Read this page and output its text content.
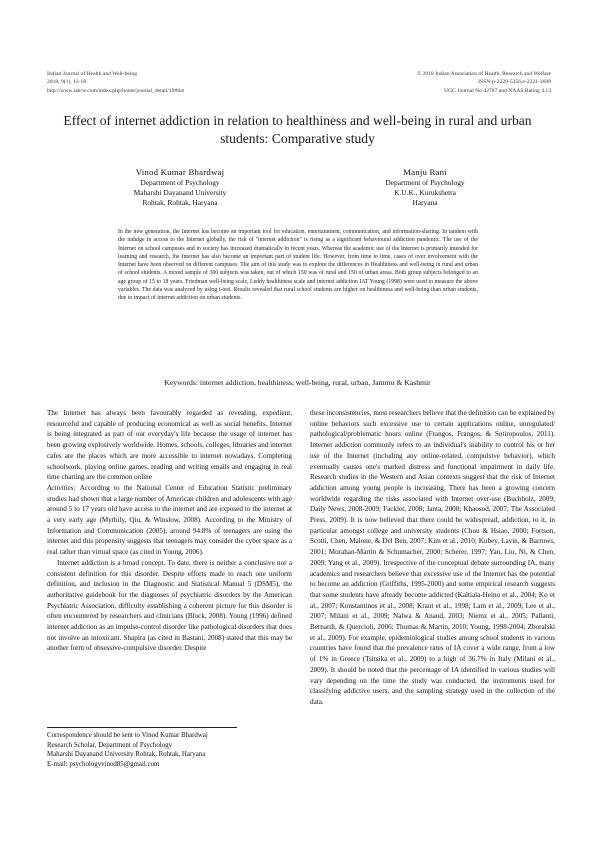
Indian Journal of Health and Well-being
2018, 9(1), 12-18
http://www.iahrw.com/index.php/home/journal_detail/19#list
© 2018 Indian Association of Health, Research and Welfare
ISSN-p-2229-5356,e-2321-3698
UGC Journal No 42787 and NAAS Rating 4.13
Effect of internet addiction in relation to healthiness and well-being in rural and urban students: Comparative study
Vinod Kumar Bhardwaj
Department of Psychology
Maharshi Dayanand University
Rohtak, Rohtak, Haryana
Manju Rani
Department of Psychology
K.U.K., Kurukshetra
Haryana
In the new generation, the Internet has become an important tool for education, entertainment, communication, and information-sharing. In tandem with the indulge in access to the Internet globally, the risk of "internet addiction" is rising as a significant behavioural addiction pandemic. The use of the Internet on school campuses and in society has increased dramatically in recent years. Whereas the academic use of the Internet is primarily intended for learning and research, the Internet has also become an important part of student life. However, from time to time, cases of over involvement with the Internet have been observed on different campuses. The aim of this study was to explore the differences in Healthiness and well-being in rural and urban of school students. A mixed sample of 300 subjects was taken, out of which 150 was of rural and 150 of urban areas. Both group subjects belonged to an age group of 15 to 18 years. Friedman well-being scale, Leddy healthiness scale and internet addiction IAT Young (1998) were used to measure the above variables. The data was analyzed by using t-test. Results revealed that rural school students are higher on healthiness and well-being than urban students, due to impact of internet addiction on urban students.
Keywords: internet addiction, healthiness, well-being, rural, urban, Jammu & Kashmir

The Internet has always been favourably regarded as revealing, expedient, resourceful and capable of producing economical as well as social benefits. Internet is being integrated as part of our everyday's life because the usage of internet has been growing explosively worldwide. Homes, schools, colleges, libraries and internet cafes are the places which are more accessible to internet nowadays. Completing schoolwork, playing online games, reading and writing emails and engaging in real time chatting are the common online

Activities: According to the National Center of Education Statistic preliminary studies had shown that a large number of American children and adolescents with age around 5 to 17 years old have access to the internet and are exposed to the internet at a very early age (Mythily, Qiu, & Winslow, 2008). According to the Ministry of Information and Communication (2005), around 94.8% of teenagers are using the internet and this propensity suggests that teenagers may consider the cyber space as a real rather than virtual space (as cited in Young, 2006).

Internet addiction is a broad concept. To date, there is neither a conclusive nor a consistent definition for this disorder. Despite efforts made to reach one uniform definition, and inclusion in the Diagnostic and Statistical Manual 5 (DSM5), the authoritative guidebook for the diagnoses of psychiatric disorders by the American Psychiatric Association, difficulty establishing a coherent picture for this disorder is often encountered by researchers and clinicians (Block, 2008). Young (1996) defined internet addiction as an impulse-control disorder like pathological disorders that does not involve an intoxicant. Shapira (as cited in Bastani, 2008) stated that this may be another form of obsessive-compulsive disorder. Despite

these inconsistencies, most researchers believe that the definition can be explained by online behaviors such excessive use to certain applications online, unregulated/ pathological/problematic hours online (Frangos, Frangos, & Sotiropoulos, 2011). Internet addiction commonly refers to an individual's inability to control his or her use of the Internet (including any online-related, compulsive behavior), which eventually causes one's marked distress and functional impairment in daily life. Research studies in the Western and Asian contexts suggest that the risk of Internet addiction among young people is increasing. There has been a growing concern worldwide regarding the risks associated with Internet over-use (Buchholz, 2009; Daily News, 2008-2009; Fackler, 2008; Janta, 2008; Khaosod, 2007; The Associated Press, 2009). It is now believed that there could be widespread, addiction, to it, in particular amongst college and university students (Chou & Hsiao, 2000; Fortson, Scotti, Chen, Malone, & Del Ben, 2007; Kim et al., 2010; Kubey, Lavin, & Barrows, 2001; Morahan-Martin & Schumacher, 2000; Scherer, 1997; Yan, Liu, Ni, & Chen, 2009; Yang et al., 2009). Irrespective of the conceptual debate surrounding IA, many academics and researchers believe that excessive use of the Internet has the potential to become an addiction (Griffiths, 1995-2000) and some empirical research suggests that some students have already become addicted (Kaltiala-Heino et al., 2004; Ko et al., 2007; Konstantinos et al., 2008; Kraut et al., 1998; Lam et al., 2009; Lee et al., 2007; Milani et al., 2009; Nalwa & Anand, 2003; Niemz et al., 2005; Pallanti, Bernardi, & Quercioli, 2006; Thomas & Martin, 2010; Young, 1998-2004; Zboralski et al., 2009). For example, epidemiological studies among school students in various countries have found that the prevalence rates of IA cover a wide range, from a low of 1% in Greece (Tsitsika et al., 2009) to a high of 36.7% in Italy (Milani et al., 2009). It should be noted that the percentage of IA identified in various studies will vary depending on the time the study was conducted, the instruments used for classifying addictive users, and the sampling strategy used in the collection of the data.

Correspondence should be sent to Vinod Kumar Bhardwaj
Research Scholar, Department of Psychology
Maharshi Dayanand University Rohtak, Rohtak, Haryana
E-mail: psychologyvinod85@gmail.com
